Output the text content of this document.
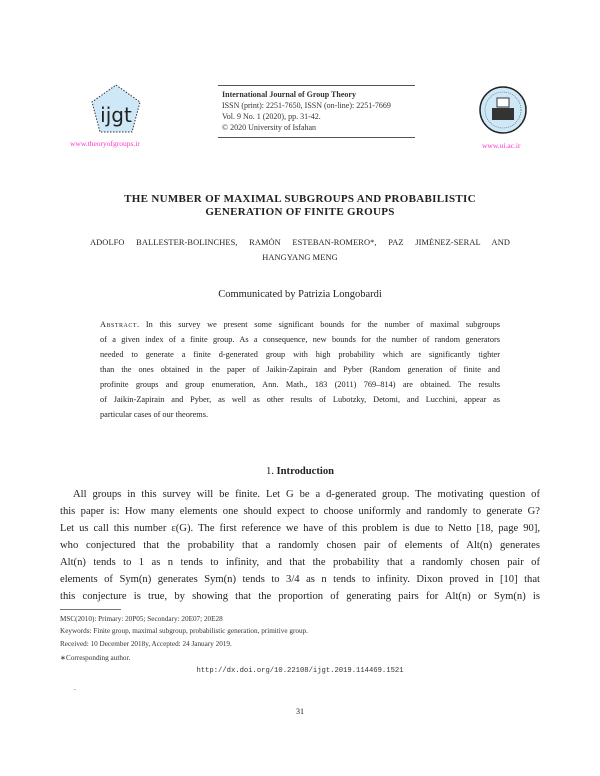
ijgt
www.theoryofgroups.ir
International Journal of Group Theory
ISSN (print): 2251-7650, ISSN (on-line): 2251-7669
Vol. 9 No. 1 (2020), pp. 31-42.
© 2020 University of Isfahan
www.ui.ac.ir
THE NUMBER OF MAXIMAL SUBGROUPS AND PROBABILISTIC
GENERATION OF FINITE GROUPS
ADOLFO BALLESTER-BOLINCHES, RAMÓN ESTEBAN-ROMERO*, PAZ JIMÉNEZ-SERAL AND
HANGYANG MENG
Communicated by Patrizia Longobardi
Abstract . In this survey we present some significant bounds for the number of maximal subgroups
of a given index of a finite group. As a consequence, new bounds for the number of random generators
needed to generate a finite d-generated group with high probability which are significantly tighter
than the ones obtained in the paper of Jaikin-Zapirain and Pyber (Random generation of finite and
profinite groups and group enumeration, Ann. Math., 183 (2011) 769–814) are obtained. The results
of Jaikin-Zapirain and Pyber, as well as other results of Lubotzky, Detomi, and Lucchini, appear as
particular cases of our theorems.
1. Introduction
All groups in this survey will be finite. Let G be a d-generated group. The motivating question of
this paper is: How many elements one should expect to choose uniformly and randomly to generate G?
Let us call this number ε(G). The first reference we have of this problem is due to Netto [18, page 90],
who conjectured that the probability that a randomly chosen pair of elements of Alt(n) generates
Alt(n) tends to 1 as n tends to infinity, and that the probability that a randomly chosen pair of
elements of Sym(n) generates Sym(n) tends to 3/4 as n tends to infinity. Dixon proved in [10] that
this conjecture is true, by showing that the proportion of generating pairs for Alt(n) or Sym(n) is
MSC(2010): Primary: 20P05; Secondary: 20E07; 20E28
Keywords: Finite group, maximal subgroup, probabilistic generation, primitive group.
Received: 10 December 2018y, Accepted: 24 January 2019.
∗Corresponding author.
http://dx.doi.org/10.22108/ijgt.2019.114469.1521
.
31
